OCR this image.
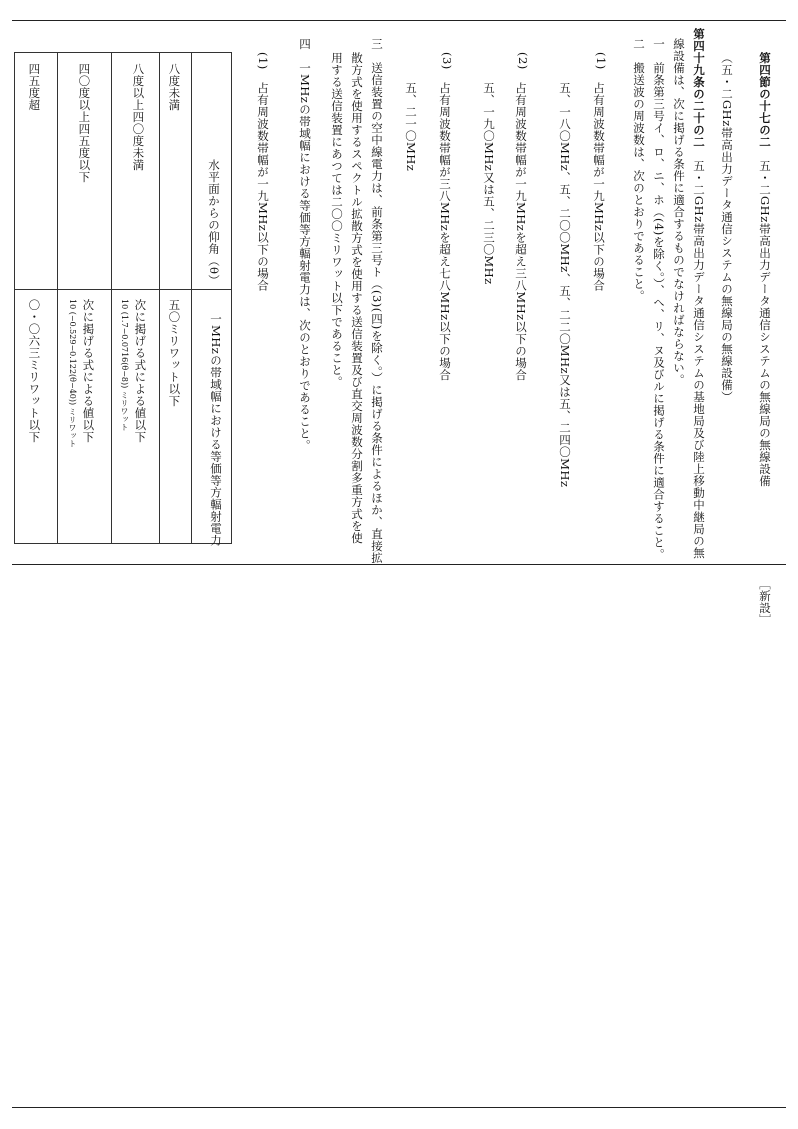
第四節の十七の二
五・二GHz帯高出力データ通信システムの無線局の無線設備
（五・二GHz帯高出力データ通信システムの無線局の無線設備）
第四十九条の二十の二
五・二GHz帯高出力データ通信システムの基地局及び陸上移動中継局の無
線設備は、次に掲げる条件に適合するものでなければならない。
一　前条第三号イ、ロ、ニ、ホ（(4)を除く。）、へ、リ、ヌ及びルに掲げる条件に適合すること。
二　搬送波の周波数は、次のとおりであること。
(1)
占有周波数帯幅が一九MHz以下の場合
五、一八〇MHz、五、二〇〇MHz、五、二二〇MHz又は五、二四〇MHz
(2)
占有周波数帯幅が一九MHzを超え三八MHz以下の場合
五、一九〇MHz又は五、二三〇MHz
(3)
占有周波数帯幅が三八MHzを超え七八MHz以下の場合
五、二一〇MHz
三　送信装置の空中線電力は、前条第三号ト（(3)(四)を除く。）に掲げる条件によるほか、直接拡
散方式を使用するスペクトル拡散方式を使用する送信装置及び直交周波数分割多重方式を使
用する送信装置にあつては二〇〇ミリワット以下であること。
四　一MHzの帯域幅における等価等方輻射電力は、次のとおりであること。
(1)
占有周波数帯幅が一九MHz以下の場合
水平面からの仰角（θ）
一MHzの帯域幅における等価等方輻射電力
八度未満
五〇ミリワット以下
八度以上四〇度未満
次に掲げる式による値以下
10 (1.7−0.0716(θ−8)) ミリワット
四〇度以上四五度以下
次に掲げる式による値以下
10 (−0.529−0.122(θ−40)) ミリワット
四五度超
〇・〇六三ミリワット以下
［新設］
